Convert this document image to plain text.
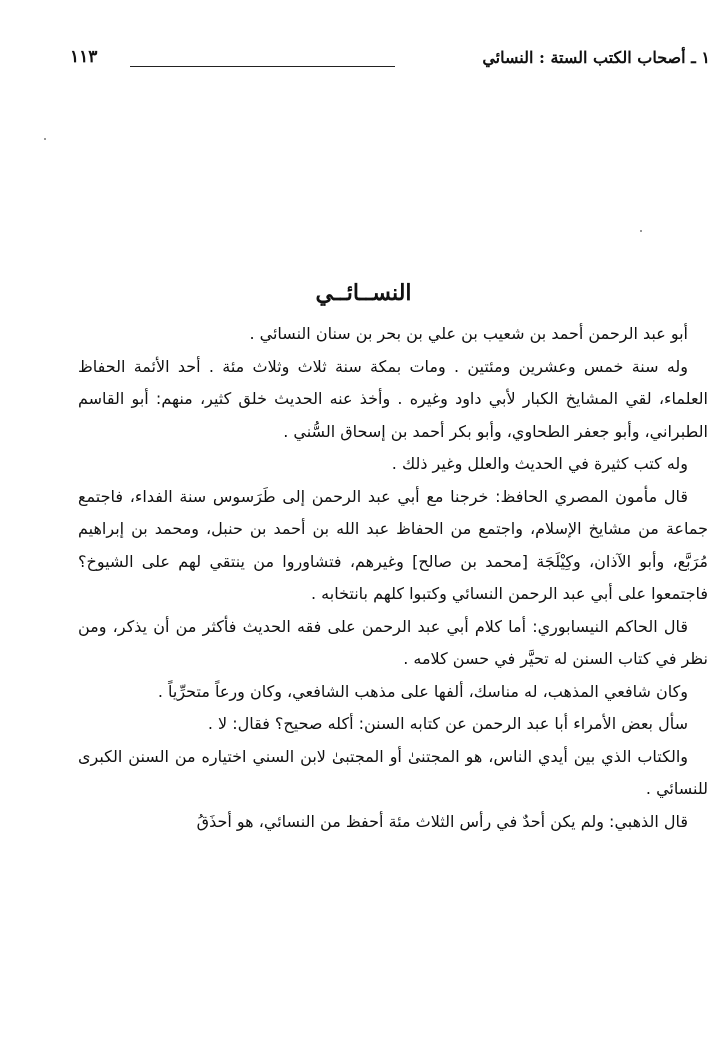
١ ـ أصحاب الكتب الستة : النسائي
١١٣
النســائــي

أبو عبد الرحمن أحمد بن شعيب بن علي بن بحر بن سنان النسائي .

وله سنة خمس وعشرين ومئتين . ومات بمكة سنة ثلاث وثلاث مئة . أحد الأئمة الحفاظ العلماء، لقي المشايخ الكبار لأبي داود وغيره . وأخذ عنه الحديث خلق كثير، منهم: أبو القاسم الطبراني، وأبو جعفر الطحاوي، وأبو بكر أحمد بن إسحاق السُّني .

وله كتب كثيرة في الحديث والعلل وغير ذلك .

قال مأمون المصري الحافظ: خرجنا مع أبي عبد الرحمن إلى طَرَسوس سنة الفداء، فاجتمع جماعة من مشايخ الإسلام، واجتمع من الحفاظ عبد الله بن أحمد بن حنبل، ومحمد بن إبراهيم مُرَبَّع، وأبو الآذان، وكِيْلَجَة [محمد بن صالح] وغيرهم، فتشاوروا من ينتقي لهم على الشيوخ؟ فاجتمعوا على أبي عبد الرحمن النسائي وكتبوا كلهم بانتخابه .

قال الحاكم النيسابوري: أما كلام أبي عبد الرحمن على فقه الحديث فأكثر من أن يذكر، ومن نظر في كتاب السنن له تحيَّر في حسن كلامه .

وكان شافعي المذهب، له مناسك، ألفها على مذهب الشافعي، وكان ورعاً متحرِّياً .

سأل بعض الأمراء أبا عبد الرحمن عن كتابه السنن: أكله صحيح؟ فقال: لا .

والكتاب الذي بين أيدي الناس، هو المجتنىٰ أو المجتبىٰ لابن السني اختياره من السنن الكبرى للنسائي .

قال الذهبي: ولم يكن أحدٌ في رأس الثلاث مئة أحفظ من النسائي، هو أحذَقُ
